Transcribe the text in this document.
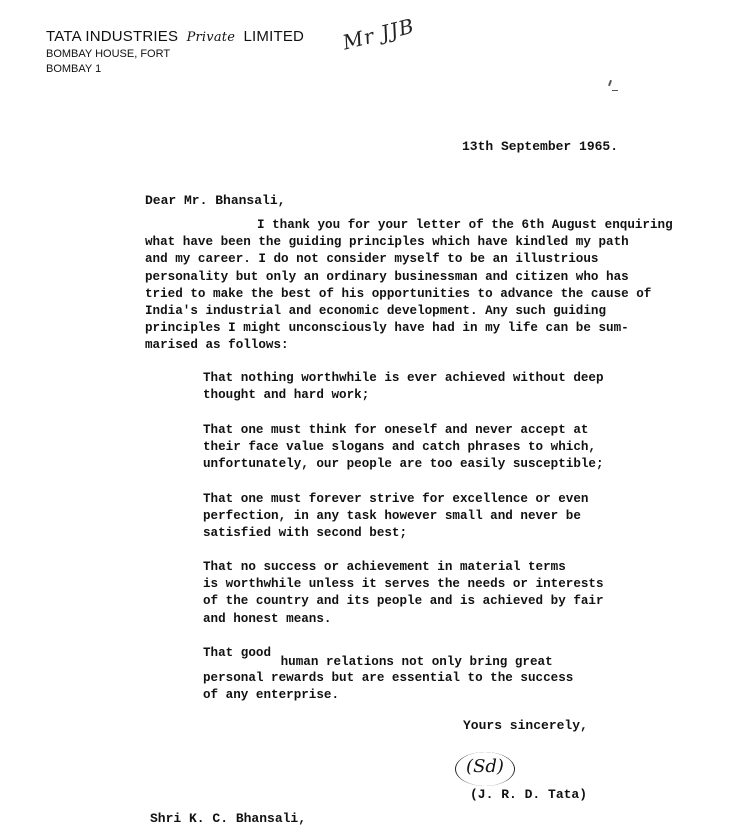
TATA INDUSTRIES Private LIMITED
BOMBAY HOUSE, FORT
BOMBAY 1
Mr JJB
13th September 1965.
Dear Mr. Bhansali,
I thank you for your letter of the 6th August enquiring
what have been the guiding principles which have kindled my path
and my career. I do not consider myself to be an illustrious
personality but only an ordinary businessman and citizen who has
tried to make the best of his opportunities to advance the cause of
India's industrial and economic development. Any such guiding
principles I might unconsciously have had in my life can be sum-
marised as follows:
That nothing worthwhile is ever achieved without deep
thought and hard work;
That one must think for oneself and never accept at
their face value slogans and catch phrases to which,
unfortunately, our people are too easily susceptible;
That one must forever strive for excellence or even
perfection, in any task however small and never be
satisfied with second best;
That no success or achievement in material terms
is worthwhile unless it serves the needs or interests
of the country and its people and is achieved by fair
and honest means.
That good human relations not only bring great
personal rewards but are essential to the success
of any enterprise.
Yours sincerely,
(Sd)
(J. R. D. Tata)
Shri K. C. Bhansali,
